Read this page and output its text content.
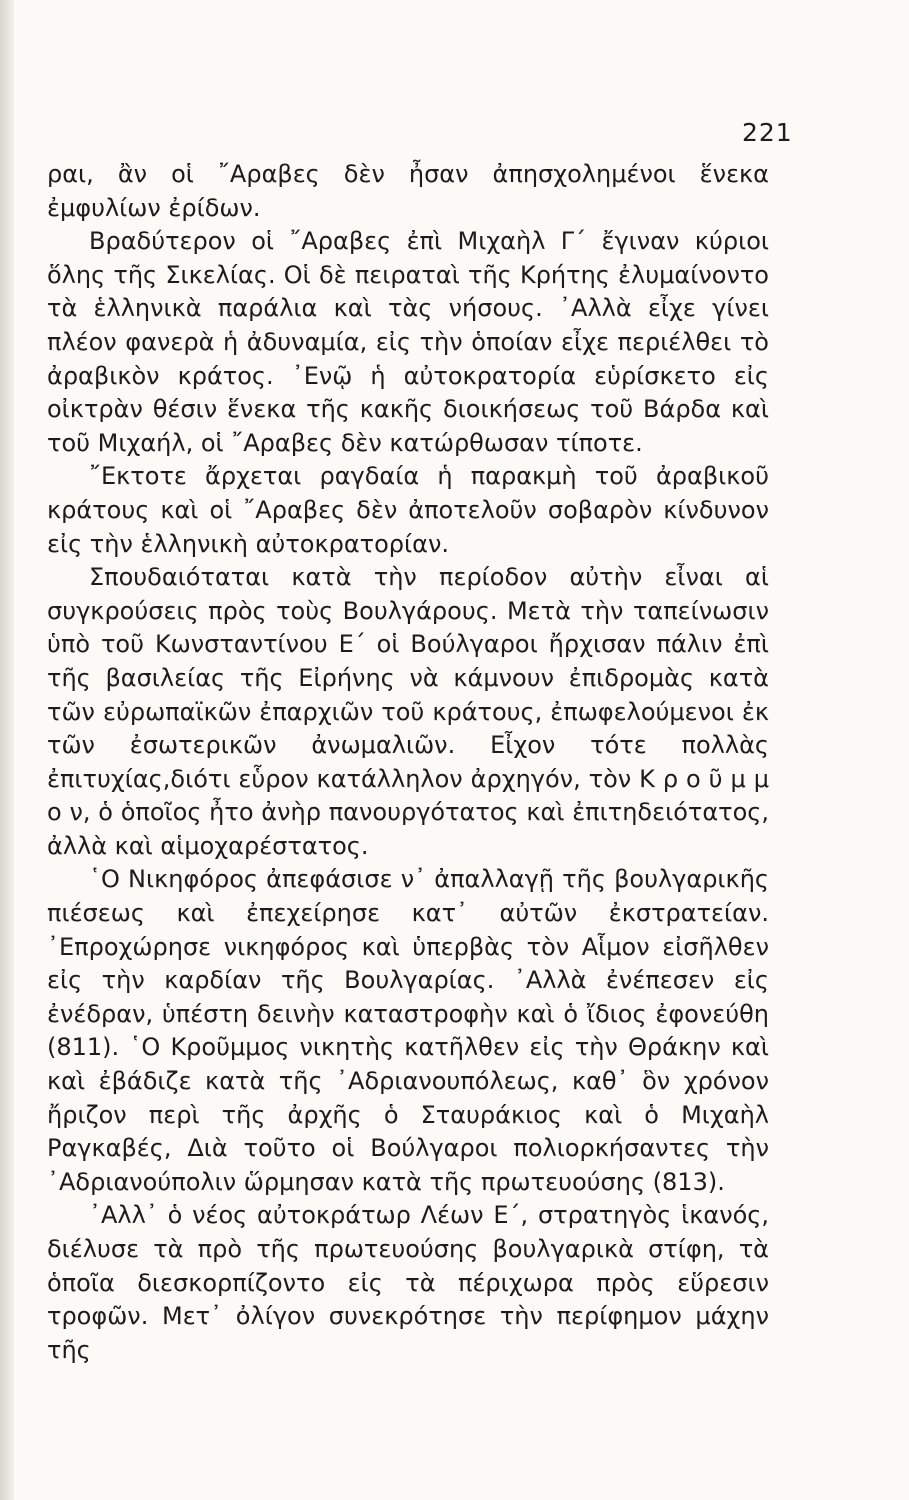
221

ραι, ἂν οἱ ῎Αραβες δὲν ἦσαν ἀπησχολημένοι ἕνεκα ἐμφυλίων ἐρίδων.

Βραδύτερον οἱ ῎Αραβες ἐπὶ Μιχαὴλ Γ΄ ἔγιναν κύριοι ὅλης τῆς Σικελίας. Οἱ δὲ πειραταὶ τῆς Κρήτης ἐλυμαίνοντο τὰ ἑλληνικὰ παράλια καὶ τὰς νήσους. ᾽Αλλὰ εἶχε γίνει πλέον φανερὰ ἡ ἀδυναμία, εἰς τὴν ὁποίαν εἶχε περιέλθει τὸ ἀραβικὸν κράτος. ᾽Ενῷ ἡ αὐτοκρατορία εὑρίσκετο εἰς οἰκτρὰν θέσιν ἕνεκα τῆς κακῆς διοικήσεως τοῦ Βάρδα καὶ τοῦ Μιχαήλ, οἱ ῎Αραβες δὲν κατώρθωσαν τίποτε.

῎Εκτοτε ἄρχεται ραγδαία ἡ παρακμὴ τοῦ ἀραβικοῦ κράτους καὶ οἱ ῎Αραβες δὲν ἀποτελοῦν σοβαρὸν κίνδυνον εἰς τὴν ἑλληνικὴ αὐτοκρατορίαν.

Σπουδαιόταται κατὰ τὴν περίοδον αὐτὴν εἶναι αἱ συγκρούσεις πρὸς τοὺς Βουλγάρους. Μετὰ τὴν ταπείνωσιν ὑπὸ τοῦ Κωνσταντίνου Ε΄ οἱ Βούλγαροι ἤρχισαν πάλιν ἐπὶ τῆς βασιλείας τῆς Εἰρήνης νὰ κάμνουν ἐπιδρομὰς κατὰ τῶν εὐρωπαϊκῶν ἐπαρχιῶν τοῦ κράτους, ἐπωφελούμενοι ἐκ τῶν ἐσωτερικῶν ἀνωμαλιῶν. Εἶχον τότε πολλὰς ἐπιτυχίας,διότι εὗρον κατάλληλον ἀρχηγόν, τὸν Κ ρ ο ῦ μ μ ο ν, ὁ ὁποῖος ἦτο ἀνὴρ πανουργότατος καὶ ἐπιτηδειότατος, ἀλλὰ καὶ αἱμοχαρέστατος.

῾Ο Νικηφόρος ἀπεφάσισε ν᾽ ἀπαλλαγῇ τῆς βουλγαρικῆς πιέσεως καὶ ἐπεχείρησε κατ᾽ αὐτῶν ἐκστρατείαν. ᾽Επροχώρησε νικηφόρος καὶ ὑπερβὰς τὸν Αἷμον εἰσῆλθεν εἰς τὴν καρδίαν τῆς Βουλγαρίας. ᾽Αλλὰ ἐνέπεσεν εἰς ἐνέδραν, ὑπέστη δεινὴν καταστροφὴν καὶ ὁ ἴδιος ἐφονεύθη (811). ῾Ο Κροῦμμος νικητὴς κατῆλθεν εἰς τὴν Θράκην καὶ καὶ ἐβάδιζε κατὰ τῆς ᾽Αδριανουπόλεως, καθ᾽ ὃν χρόνον ἤριζον περὶ τῆς ἀρχῆς ὁ Σταυράκιος καὶ ὁ Μιχαὴλ Ραγκαβές, Διὰ τοῦτο οἱ Βούλγαροι πολιορκήσαντες τὴν ᾽Αδριανούπολιν ὥρμησαν κατὰ τῆς πρωτευούσης (813).

᾽Αλλ᾽ ὁ νέος αὐτοκράτωρ Λέων Ε΄, στρατηγὸς ἱκανός, διέλυσε τὰ πρὸ τῆς πρωτευούσης βουλγαρικὰ στίφη, τὰ ὁποῖα διεσκορπίζοντο εἰς τὰ πέριχωρα πρὸς εὕρεσιν τροφῶν. Μετ᾽ ὀλίγον συνεκρότησε τὴν περίφημον μάχην τῆς
